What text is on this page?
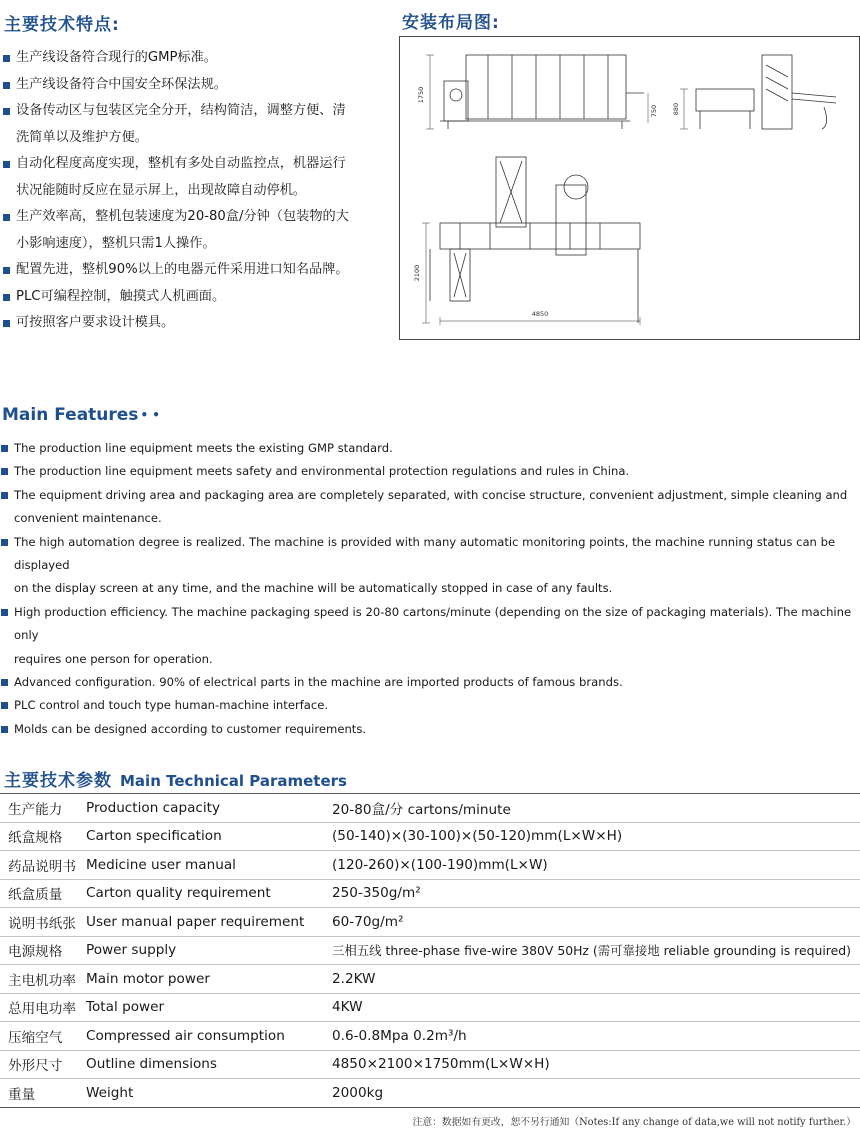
主要技术特点:
生产线设备符合现行的GMP标准。
生产线设备符合中国安全环保法规。
设备传动区与包装区完全分开，结构简洁，调整方便、清
洗简单以及维护方便。
自动化程度高度实现，整机有多处自动监控点，机器运行
状况能随时反应在显示屏上，出现故障自动停机。
生产效率高，整机包装速度为20-80盒/分钟（包装物的大
小影响速度），整机只需1人操作。
配置先进，整机90%以上的电器元件采用进口知名品牌。
PLC可编程控制，触摸式人机画面。
可按照客户要求设计模具。
安装布局图:
1750
750 880
2100
4850
Main Features • •
The production line equipment meets the existing GMP standard.
The production line equipment meets safety and environmental protection regulations and rules in China.
The equipment driving area and packaging area are completely separated, with concise structure, convenient adjustment, simple cleaning and
convenient maintenance.
The high automation degree is realized. The machine is provided with many automatic monitoring points, the machine running status can be displayed
on the display screen at any time, and the machine will be automatically stopped in case of any faults.
High production efficiency. The machine packaging speed is 20-80 cartons/minute (depending on the size of packaging materials). The machine only
requires one person for operation.
Advanced configuration. 90% of electrical parts in the machine are imported products of famous brands.
PLC control and touch type human-machine interface.
Molds can be designed according to customer requirements.
主要技术参数 Main Technical Parameters
生产能力	Production capacity	20-80盒/分 cartons/minute
纸盒规格	Carton specification	(50-140)×(30-100)×(50-120)mm(L×W×H)
药品说明书	Medicine user manual	(120-260)×(100-190)mm(L×W)
纸盒质量	Carton quality requirement	250-350g/m²
说明书纸张	User manual paper requirement	60-70g/m²
电源规格	Power supply	三相五线 three-phase five-wire 380V 50Hz (需可靠接地 reliable grounding is required)
主电机功率	Main motor power	2.2KW
总用电功率	Total power	4KW
压缩空气	Compressed air consumption	0.6-0.8Mpa 0.2m³/h
外形尺寸	Outline dimensions	4850×2100×1750mm(L×W×H)
重量	Weight	2000kg
注意：数据如有更改，恕不另行通知（Notes:If any change of data,we will not notify further.）
